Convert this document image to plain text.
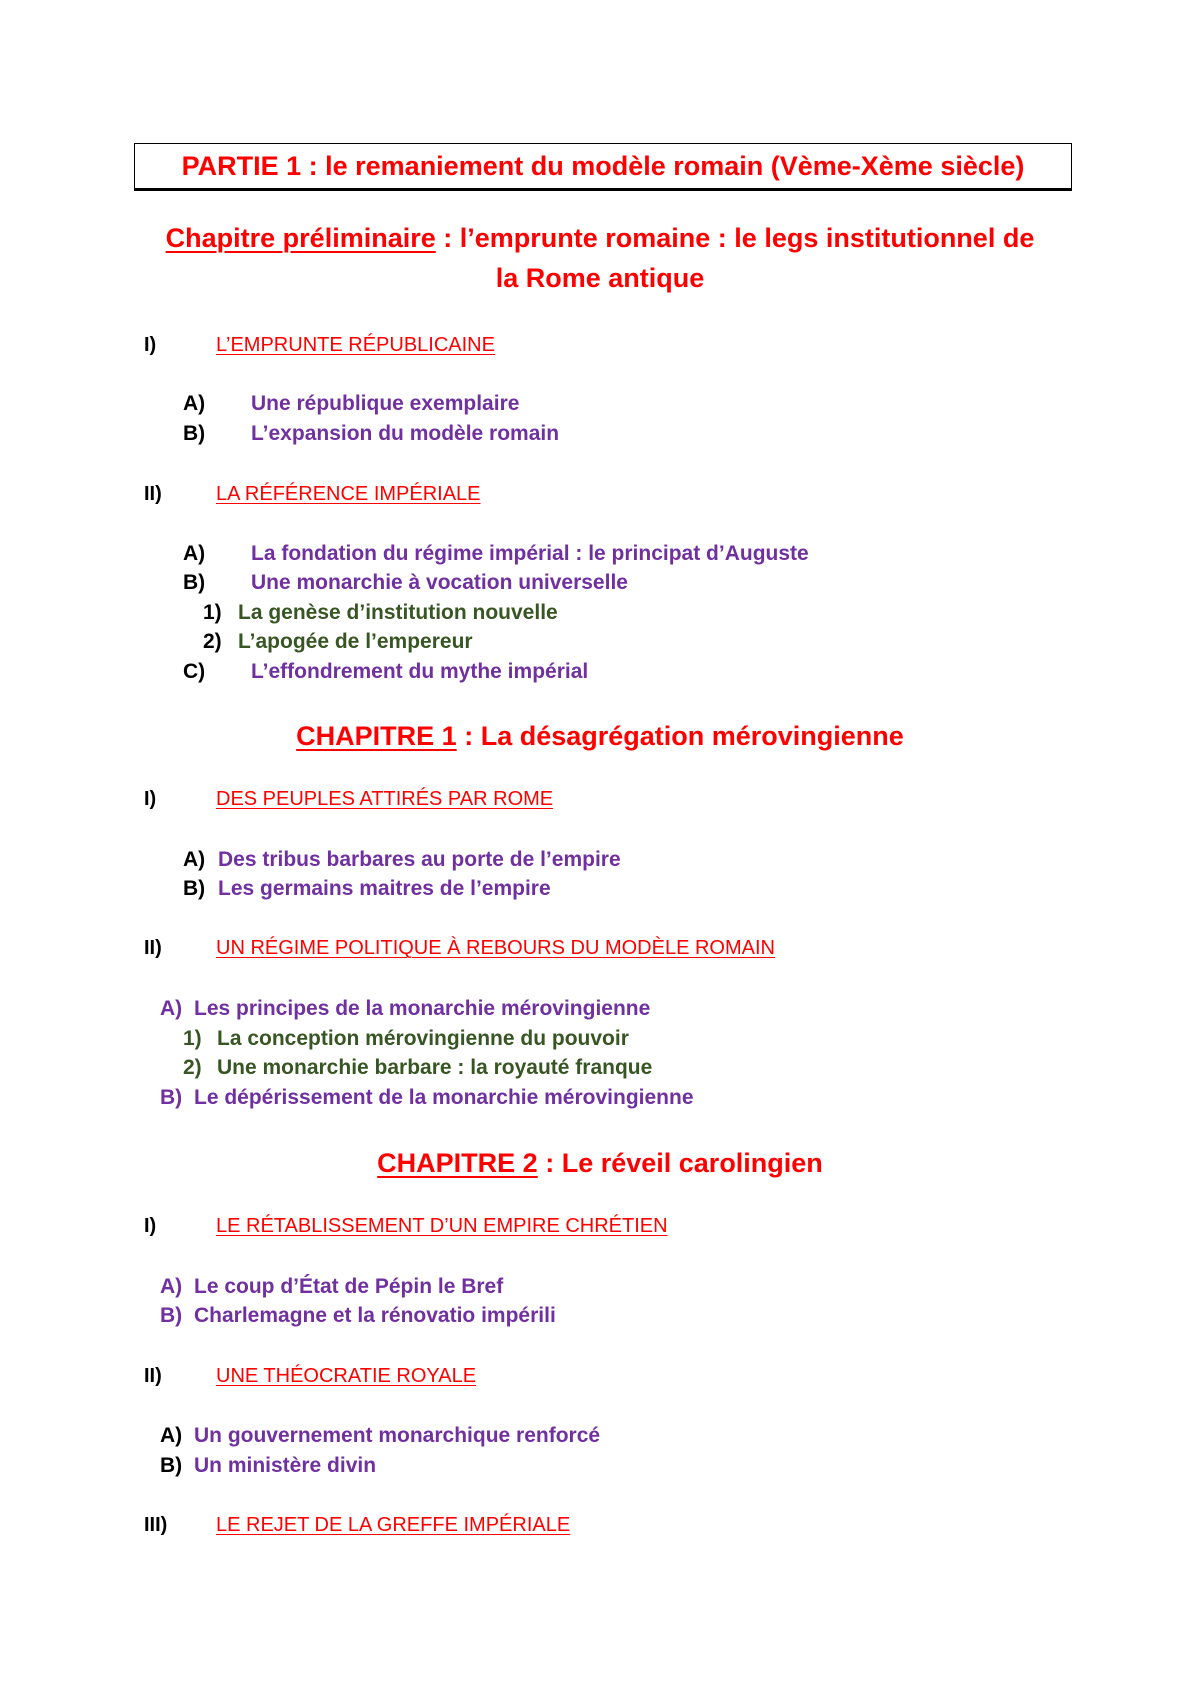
PARTIE 1 : le remaniement du modèle romain (Vème-Xème siècle)
Chapitre préliminaire : l’emprunte romaine : le legs institutionnel de
la Rome antique
I)	L’EMPRUNTE RÉPUBLICAINE
A) Une république exemplaire
B) L’expansion du modèle romain
II)	LA RÉFÉRENCE IMPÉRIALE
A) La fondation du régime impérial : le principat d’Auguste
B) Une monarchie à vocation universelle
1) La genèse d’institution nouvelle
2) L’apogée de l’empereur
C) L’effondrement du mythe impérial
CHAPITRE 1 : La désagrégation mérovingienne
I)	DES PEUPLES ATTIRÉS PAR ROME
A) Des tribus barbares au porte de l’empire
B) Les germains maitres de l’empire
II)	UN RÉGIME POLITIQUE À REBOURS DU MODÈLE ROMAIN
A) Les principes de la monarchie mérovingienne
1) La conception mérovingienne du pouvoir
2) Une monarchie barbare : la royauté franque
B) Le dépérissement de la monarchie mérovingienne
CHAPITRE 2 : Le réveil carolingien
I)	LE RÉTABLISSEMENT D’UN EMPIRE CHRÉTIEN
A) Le coup d’État de Pépin le Bref
B) Charlemagne et la rénovatio impérili
II)	UNE THÉOCRATIE ROYALE
A) Un gouvernement monarchique renforcé
B) Un ministère divin
III) LE REJET DE LA GREFFE IMPÉRIALE
